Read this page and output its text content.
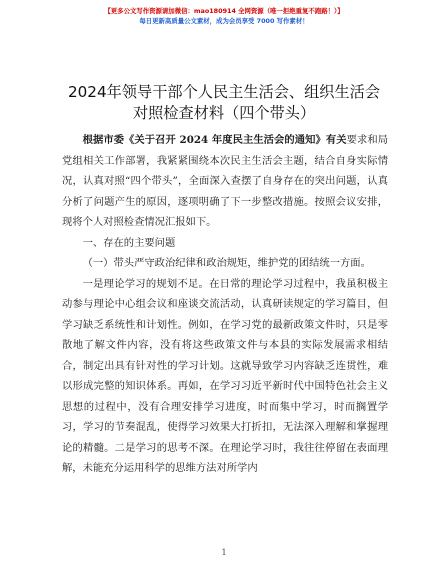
【更多公文写作资源请加微信：mao180914 全网资源（唯一拒绝重复不跑路！）】
每日更新高质量公文素材，成为会员享受 7000 写作素材！
2024年领导干部个人民主生活会、组织生活会
对照检查材料（四个带头）

根据市委《关于召开 2024 年度民主生活会的通知》有关要求和局党组相关工作部署，我紧紧围绕本次民主生活会主题，结合自身实际情况，认真对照“四个带头”，全面深入查摆了自身存在的突出问题，认真分析了问题产生的原因，逐项明确了下一步整改措施。按照会议安排，现将个人对照检查情况汇报如下。

一、存在的主要问题

（一）带头严守政治纪律和政治规矩，维护党的团结统一方面。

一是理论学习的规划不足。在日常的理论学习过程中，我虽积极主动参与理论中心组会议和座谈交流活动，认真研读规定的学习篇目，但学习缺乏系统性和计划性。例如，在学习党的最新政策文件时，只是零散地了解文件内容，没有将这些政策文件与本县的实际发展需求相结合，制定出具有针对性的学习计划。这就导致学习内容缺乏连贯性，难以形成完整的知识体系。再如，在学习习近平新时代中国特色社会主义思想的过程中，没有合理安排学习进度，时而集中学习，时而搁置学习，学习的节奏混乱，使得学习效果大打折扣，无法深入理解和掌握理论的精髓。二是学习的思考不深。在理论学习时，我往往停留在表面理解，未能充分运用科学的思维方法对所学内

1
